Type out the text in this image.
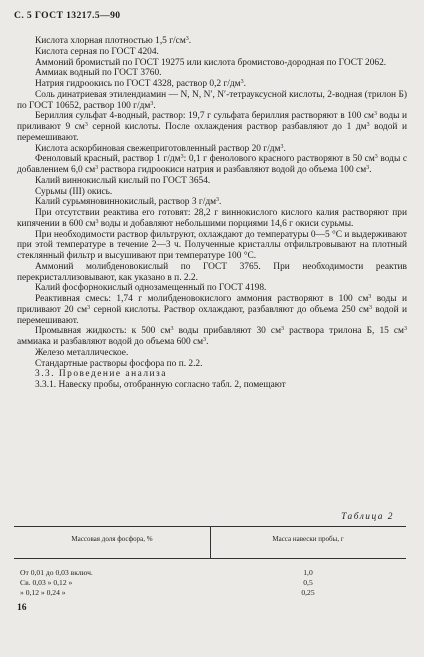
С. 5 ГОСТ 13217.5—90

Кислота хлорная плотностью 1,5 $г/см^3$.

Кислота серная по ГОСТ 4204.

Аммоний бромистый по ГОСТ 19275 или кислота бромистово-дородная по ГОСТ 2062.

Аммиак водный по ГОСТ 3760.

Натрия гидроокись по ГОСТ 4328, раствор 0,2 $г/дм^3$.

Соль динатриевая этилендиамин — N, N, N′, N′-тетрауксусной кислоты, 2-водная (трилон Б) по ГОСТ 10652, раствор 100 $г/дм^3$.

Бериллия сульфат 4-водный, раствор: 19,7 г сульфата бериллия растворяют в 100 $см^3$ воды и приливают 9 $см^3$ серной кислоты. После охлаждения раствор разбавляют до 1 $дм^3$ водой и перемешивают.

Кислота аскорбиновая свежеприготовленный раствор 20 $г/дм^3$.

Феноловый красный, раствор 1 $г/дм^3$: 0,1 г фенолового красного растворяют в 50 $см^3$ воды с добавлением 6,0 $см^3$ раствора гидроокиси натрия и разбавляют водой до объема 100 $см^3$.

Калий виннокислый кислый по ГОСТ 3654.

Сурьмы (III) окись.

Калий сурьмяновиннокислый, раствор 3 $г/дм^3$.

При отсутствии реактива его готовят: 28,2 г виннокислого кислого калия растворяют при кипячении в 600 $см^3$ воды и добавляют небольшими порциями 14,6 г окиси сурьмы.

При необходимости раствор фильтруют, охлаждают до температуры 0—5 °С и выдерживают при этой температуре в течение 2—3 ч. Полученные кристаллы отфильтровывают на плотный стеклянный фильтр и высушивают при температуре 100 °С.

Аммоний молибденовокислый по ГОСТ 3765. При необходимости реактив перекристаллизовывают, как указано в п. 2.2.

Калий фосфорнокислый однозамещенный по ГОСТ 4198.

Реактивная смесь: 1,74 г молибденовокислого аммония растворяют в 100 $см^3$ воды и приливают 20 $см^3$ серной кислоты. Раствор охлаждают, разбавляют до объема 250 $см^3$ водой и перемешивают.

Промывная жидкость: к 500 $см^3$ воды прибавляют 30 $см^3$ раствора трилона Б, 15 $см^3$ аммиака и разбавляют водой до объема 600 $см^3$.

Железо металлическое.

Стандартные растворы фосфора по п. 2.2.

3.3. Проведение анализа

3.3.1. Навеску пробы, отобранную согласно табл. 2, помещают

Таблица 2
Массовая доля фосфора, %	Масса навески пробы, г
От 0,01 до 0,03 включ.	1,0
Св. 0,03 » 0,12 »	0,5
» 0,12 » 0,24 »	0,25
16
